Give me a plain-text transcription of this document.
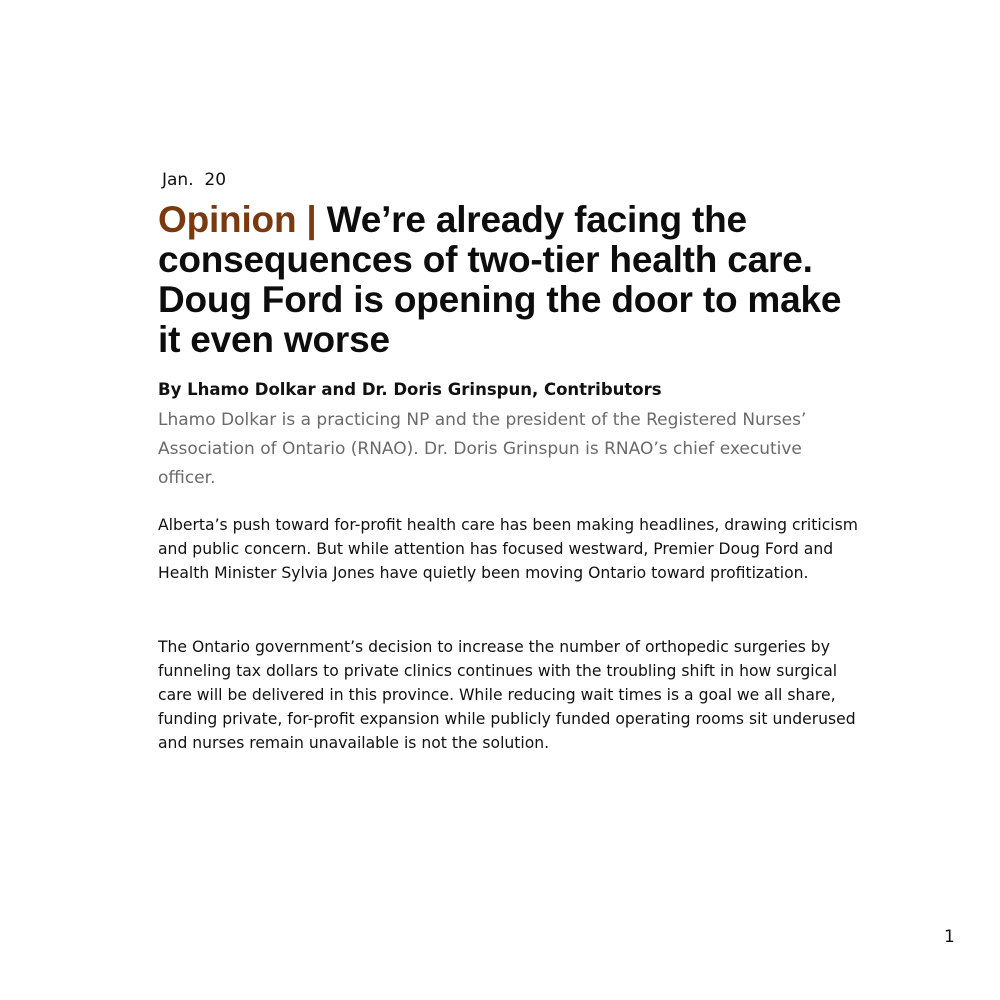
Jan.  20
Opinion | We’re already facing the consequences of two-tier health care. Doug Ford is opening the door to make it even worse
By Lhamo Dolkar and Dr. Doris Grinspun, Contributors

Lhamo Dolkar is a practicing NP and the president of the Registered Nurses’ Association of Ontario (RNAO). Dr. Doris Grinspun is RNAO’s chief executive officer.

Alberta’s push toward for-profit health care has been making headlines, drawing criticism and public concern. But while attention has focused westward, Premier Doug Ford and Health Minister Sylvia Jones have quietly been moving Ontario toward profitization.

The Ontario government’s decision to increase the number of orthopedic surgeries by funneling tax dollars to private clinics continues with the troubling shift in how surgical care will be delivered in this province. While reducing wait times is a goal we all share, funding private, for-profit expansion while publicly funded operating rooms sit underused and nurses remain unavailable is not the solution.

1
